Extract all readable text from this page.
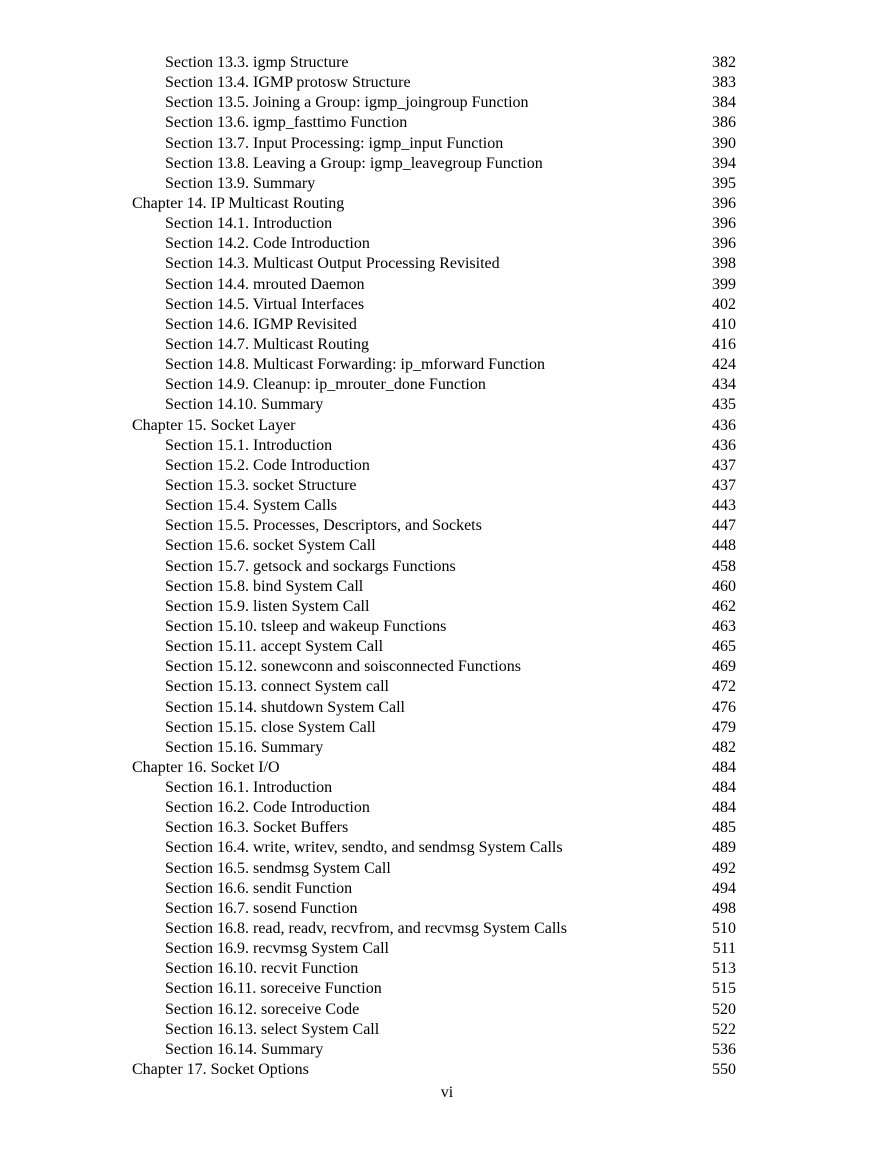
Section 13.3. igmp Structure	382
Section 13.4. IGMP protosw Structure	383
Section 13.5. Joining a Group: igmp_joingroup Function	384
Section 13.6. igmp_fasttimo Function	386
Section 13.7. Input Processing: igmp_input Function	390
Section 13.8. Leaving a Group: igmp_leavegroup Function	394
Section 13.9. Summary	395
Chapter 14. IP Multicast Routing	396
Section 14.1. Introduction	396
Section 14.2. Code Introduction	396
Section 14.3. Multicast Output Processing Revisited	398
Section 14.4. mrouted Daemon	399
Section 14.5. Virtual Interfaces	402
Section 14.6. IGMP Revisited	410
Section 14.7. Multicast Routing	416
Section 14.8. Multicast Forwarding: ip_mforward Function	424
Section 14.9. Cleanup: ip_mrouter_done Function	434
Section 14.10. Summary	435
Chapter 15. Socket Layer	436
Section 15.1. Introduction	436
Section 15.2. Code Introduction	437
Section 15.3. socket Structure	437
Section 15.4. System Calls	443
Section 15.5. Processes, Descriptors, and Sockets	447
Section 15.6. socket System Call	448
Section 15.7. getsock and sockargs Functions	458
Section 15.8. bind System Call	460
Section 15.9. listen System Call	462
Section 15.10. tsleep and wakeup Functions	463
Section 15.11. accept System Call	465
Section 15.12. sonewconn and soisconnected Functions	469
Section 15.13. connect System call	472
Section 15.14. shutdown System Call	476
Section 15.15. close System Call	479
Section 15.16. Summary	482
Chapter 16. Socket I/O	484
Section 16.1. Introduction	484
Section 16.2. Code Introduction	484
Section 16.3. Socket Buffers	485
Section 16.4. write, writev, sendto, and sendmsg System Calls	489
Section 16.5. sendmsg System Call	492
Section 16.6. sendit Function	494
Section 16.7. sosend Function	498
Section 16.8. read, readv, recvfrom, and recvmsg System Calls	510
Section 16.9. recvmsg System Call	511
Section 16.10. recvit Function	513
Section 16.11. soreceive Function	515
Section 16.12. soreceive Code	520
Section 16.13. select System Call	522
Section 16.14. Summary	536
Chapter 17. Socket Options	550
vi
